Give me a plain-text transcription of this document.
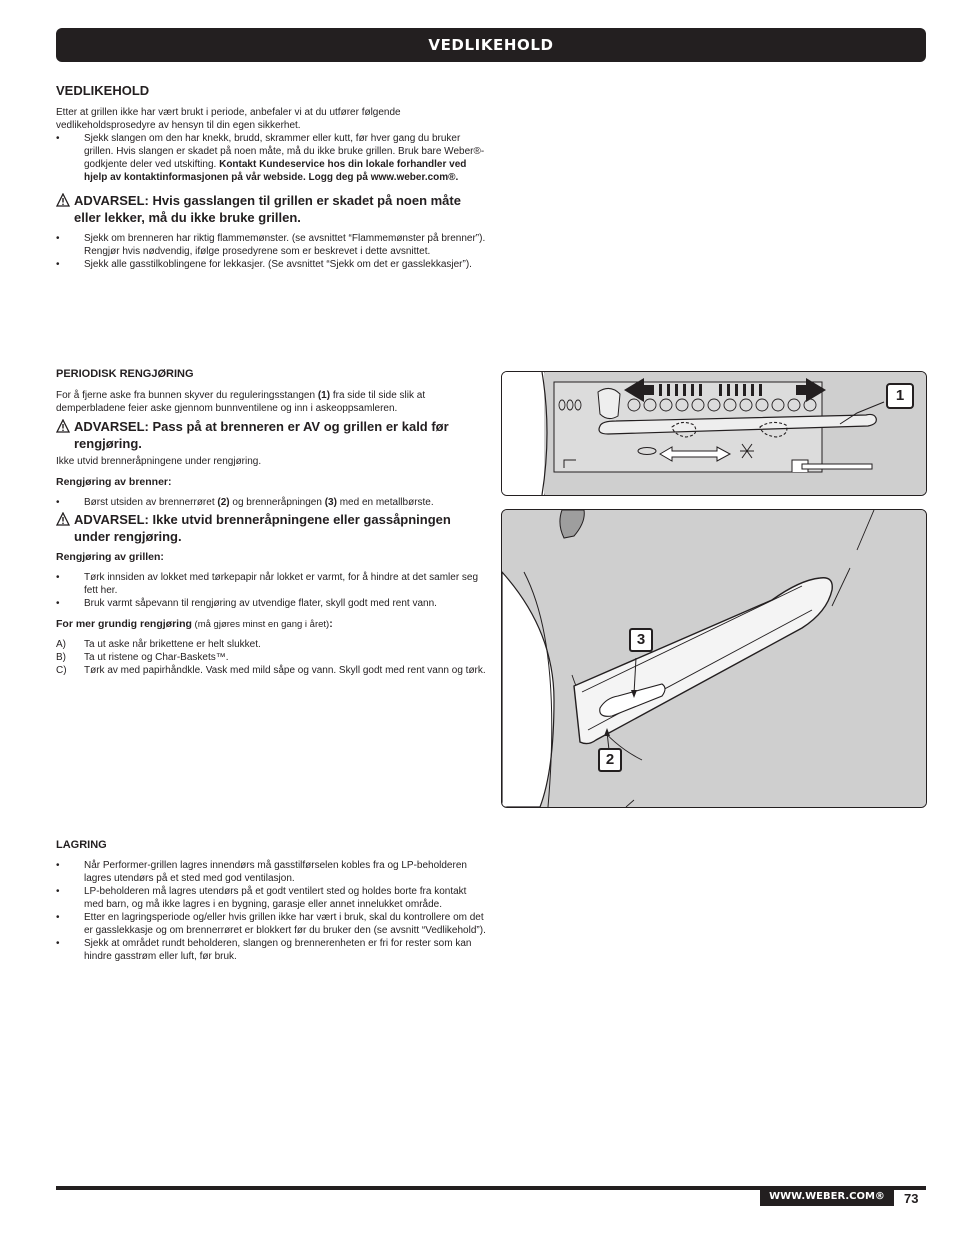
VEDLIKEHOLD
VEDLIKEHOLD
Etter at grillen ikke har vært brukt i periode, anbefaler vi at du utfører følgende vedlikeholdsprosedyre av hensyn til din egen sikkerhet.
• Sjekk slangen om den har knekk, brudd, skrammer eller kutt, før hver gang du bruker grillen. Hvis slangen er skadet på noen måte, må du ikke bruke grillen. Bruk bare Weber®-godkjente deler ved utskifting. Kontakt Kundeservice hos din lokale forhandler ved hjelp av kontaktinformasjonen på vår webside. Logg deg på www.weber.com®.
ADVARSEL: Hvis gasslangen til grillen er skadet på noen måte eller lekker, må du ikke bruke grillen.
• Sjekk om brenneren har riktig flammemønster. (se avsnittet “Flammemønster på brenner”). Rengjør hvis nødvendig, ifølge prosedyrene som er beskrevet i dette avsnittet.
• Sjekk alle gasstilkoblingene for lekkasjer. (Se avsnittet “Sjekk om det er gasslekkasjer”).
PERIODISK RENGJØRING
For å fjerne aske fra bunnen skyver du reguleringsstangen (1) fra side til side slik at demperbladene feier aske gjennom bunnventilene og inn i askeoppsamleren.
ADVARSEL: Pass på at brenneren er AV og grillen er kald før rengjøring.
Ikke utvid brenneråpningene under rengjøring.
Rengjøring av brenner:
• Børst utsiden av brennerrøret (2) og brenneråpningen (3) med en metallbørste.
ADVARSEL: Ikke utvid brenneråpningene eller gassåpningen under rengjøring.
Rengjøring av grillen:
• Tørk innsiden av lokket med tørkepapir når lokket er varmt, for å hindre at det samler seg fett her.
• Bruk varmt såpevann til rengjøring av utvendige flater, skyll godt med rent vann.
For mer grundig rengjøring (må gjøres minst en gang i året):
A) Ta ut aske når brikettene er helt slukket.
B) Ta ut ristene og Char-Baskets™.
C) Tørk av med papirhåndkle. Vask med mild såpe og vann. Skyll godt med rent vann og tørk.
1
3
2
LAGRING
• Når Performer-grillen lagres innendørs må gasstilførselen kobles fra og LP-beholderen lagres utendørs på et sted med god ventilasjon.
• LP-beholderen må lagres utendørs på et godt ventilert sted og holdes borte fra kontakt med barn, og må ikke lagres i en bygning, garasje eller annet innelukket område.
• Etter en lagringsperiode og/eller hvis grillen ikke har vært i bruk, skal du kontrollere om det er gasslekkasje og om brennerrøret er blokkert før du bruker den (se avsnitt “Vedlikehold”).
• Sjekk at området rundt beholderen, slangen og brennerenheten er fri for rester som kan hindre gasstrøm eller luft, før bruk.
WWW.WEBER.COM®	73
